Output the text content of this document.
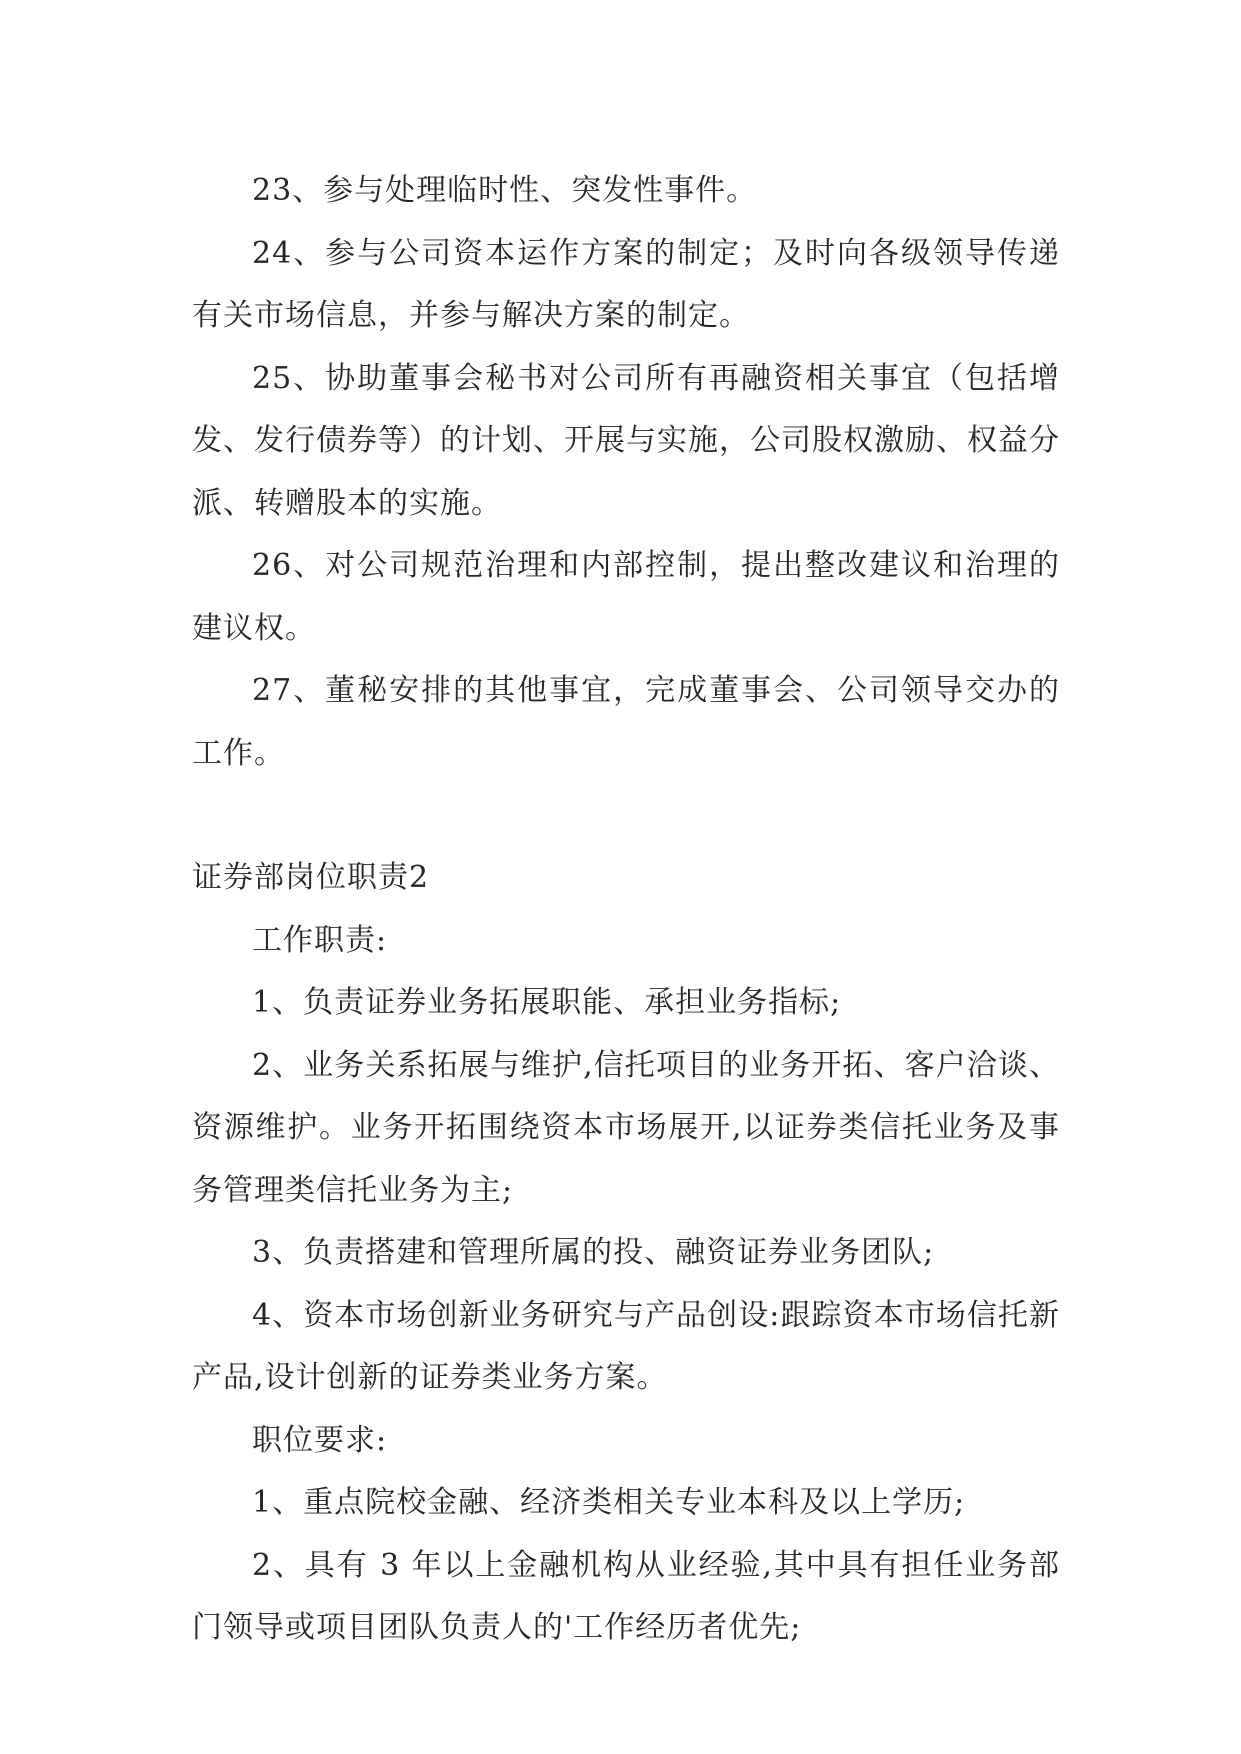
23、参与处理临时性、突发性事件。

24、参与公司资本运作方案的制定；及时向各级领导传递有关市场信息，并参与解决方案的制定。

25、协助董事会秘书对公司所有再融资相关事宜（包括增发、发行债券等）的计划、开展与实施，公司股权激励、权益分派、转赠股本的实施。

26、对公司规范治理和内部控制，提出整改建议和治理的建议权。

27、董秘安排的其他事宜，完成董事会、公司领导交办的工作。

证券部岗位职责2

工作职责:

1、负责证券业务拓展职能、承担业务指标;

2、业务关系拓展与维护,信托项目的业务开拓、客户洽谈、资源维护。业务开拓围绕资本市场展开,以证券类信托业务及事务管理类信托业务为主;

3、负责搭建和管理所属的投、融资证券业务团队;

4、资本市场创新业务研究与产品创设:跟踪资本市场信托新产品,设计创新的证券类业务方案。

职位要求:

1、重点院校金融、经济类相关专业本科及以上学历;

2、具有 3 年以上金融机构从业经验,其中具有担任业务部门领导或项目团队负责人的'工作经历者优先;
